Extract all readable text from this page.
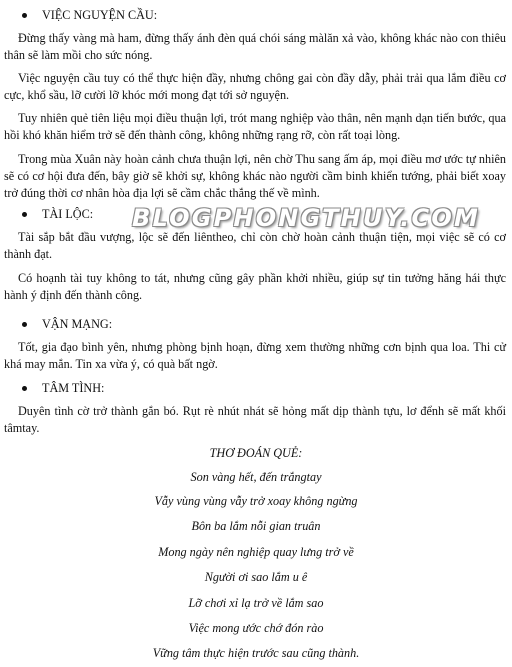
VIỆC NGUYỆN CẦU:
Đừng thấy vàng mà ham, đừng thấy ánh đèn quá chói sáng màlăn xả vào, không khác nào con thiêu thân sẽ làm mồi cho sức nóng.
Việc nguyện cầu tuy có thể thực hiện đầy, nhưng chông gai còn đầy dẫy, phải trải qua lắm điều cơ cực, khổ sầu, lỡ cười lỡ khóc mới mong đạt tới sở nguyện.
Tuy nhiên quẻ tiên liệu mọi điều thuận lợi, trót mang nghiệp vào thân, nên mạnh dạn tiến bước, qua hồi khó khăn hiểm trở sẽ đến thành công, không những rạng rỡ, còn rất toại lòng.
Trong mùa Xuân này hoàn cảnh chưa thuận lợi, nên chờ Thu sang ấm áp, mọi điều mơ ước tự nhiên sẽ có cơ hội đưa đến, bây giờ sẽ khởi sự, không khác nào người cầm binh khiển tướng, phải biết xoay trở đúng thời cơ nhân hòa địa lợi sẽ cầm chắc thắng thế về mình.
TÀI LỘC: BLOGPHONGTHUY.COM
Tài sắp bắt đầu vượng, lộc sẽ đến liêntheo, chỉ còn chờ hoàn cảnh thuận tiện, mọi việc sẽ có cơ thành đạt.
Có hoạnh tài tuy không to tát, nhưng cũng gây phần khởi nhiều, giúp sự tin tưởng hăng hái thực hành ý định đến thành công.
VẬN MẠNG:
Tốt, gia đạo bình yên, nhưng phòng bịnh hoạn, đừng xem thường những cơn bịnh qua loa. Thi cử khá may mắn. Tin xa vừa ý, có quà bất ngờ.
TÂM TÌNH:
Duyên tình cờ trở thành gắn bó. Rụt rè nhút nhát sẽ hỏng mất dịp thành tựu, lơ đểnh sẽ mất khối tâmtay.
THƠ ĐOÁN QUẺ:
Son vàng hết, đến trắngtay
Vẫy vùng vùng vẫy trở xoay không ngừng
Bôn ba lắm nỗi gian truân
Mong ngày nên nghiệp quay lưng trở về
Người ơi sao lắm u ê
Lỡ chơi xỉ lạ trở về lắm sao
Việc mong ước chớ đón rào
Vững tâm thực hiện trước sau cũng thành.
